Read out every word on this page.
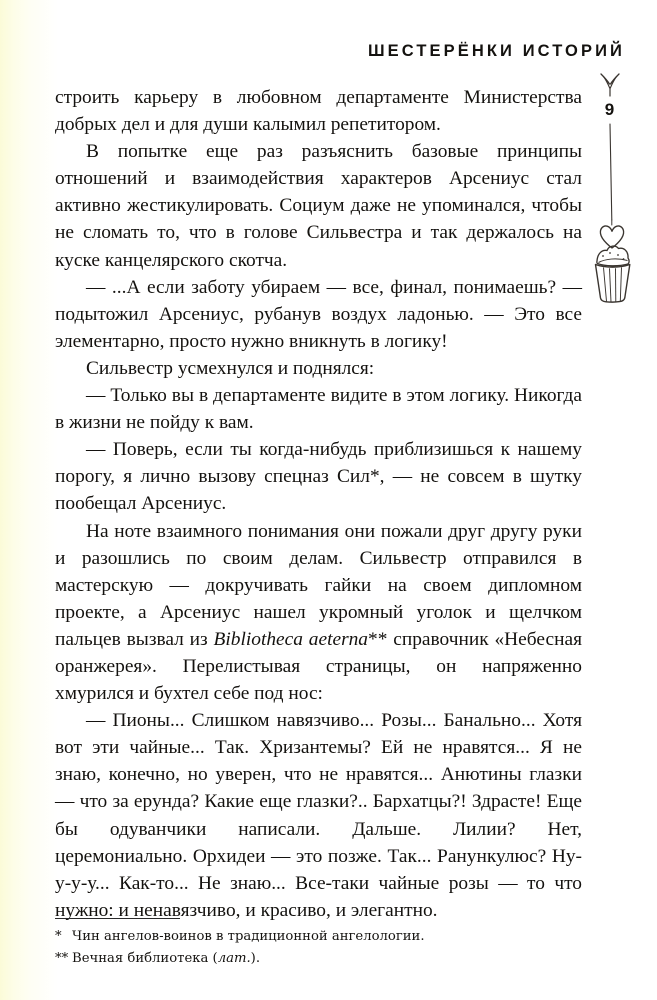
ШЕСТЕРЁНКИ ИСТОРИЙ
9

строить карьеру в любовном департаменте Министерства добрых дел и для души калымил репетитором.

В попытке еще раз разъяснить базовые принципы отношений и взаимодействия характеров Арсениус стал активно жестикулировать. Социум даже не упоминался, чтобы не сломать то, что в голове Сильвестра и так держалось на куске канцелярского скотча.

— ...А если заботу убираем — все, финал, понимаешь? — подытожил Арсениус, рубанув воздух ладонью. — Это все элементарно, просто нужно вникнуть в логику!

Сильвестр усмехнулся и поднялся:

— Только вы в департаменте видите в этом логику. Никогда в жизни не пойду к вам.

— Поверь, если ты когда-нибудь приблизишься к нашему порогу, я лично вызову спецназ Сил*, — не совсем в шутку пообещал Арсениус.

На ноте взаимного понимания они пожали друг другу руки и разошлись по своим делам. Сильвестр отправился в мастерскую — докручивать гайки на своем дипломном проекте, а Арсениус нашел укромный уголок и щелчком пальцев вызвал из Bibliotheca aeterna** справочник «Небесная оранжерея». Перелистывая страницы, он напряженно хмурился и бухтел себе под нос:

— Пионы... Слишком навязчиво... Розы... Банально... Хотя вот эти чайные... Так. Хризантемы? Ей не нравятся... Я не знаю, конечно, но уверен, что не нравятся... Анютины глазки — что за ерунда? Какие еще глазки?.. Бархатцы?! Здрасте! Еще бы одуванчики написали. Дальше. Лилии? Нет, церемониально. Орхидеи — это позже. Так... Ранункулюс? Ну-у-у-у... Как-то... Не знаю... Все-таки чайные розы — то что нужно: и ненавязчиво, и красиво, и элегантно.

* Чин ангелов-воинов в традиционной ангелологии.
** Вечная библиотека (лат.).
